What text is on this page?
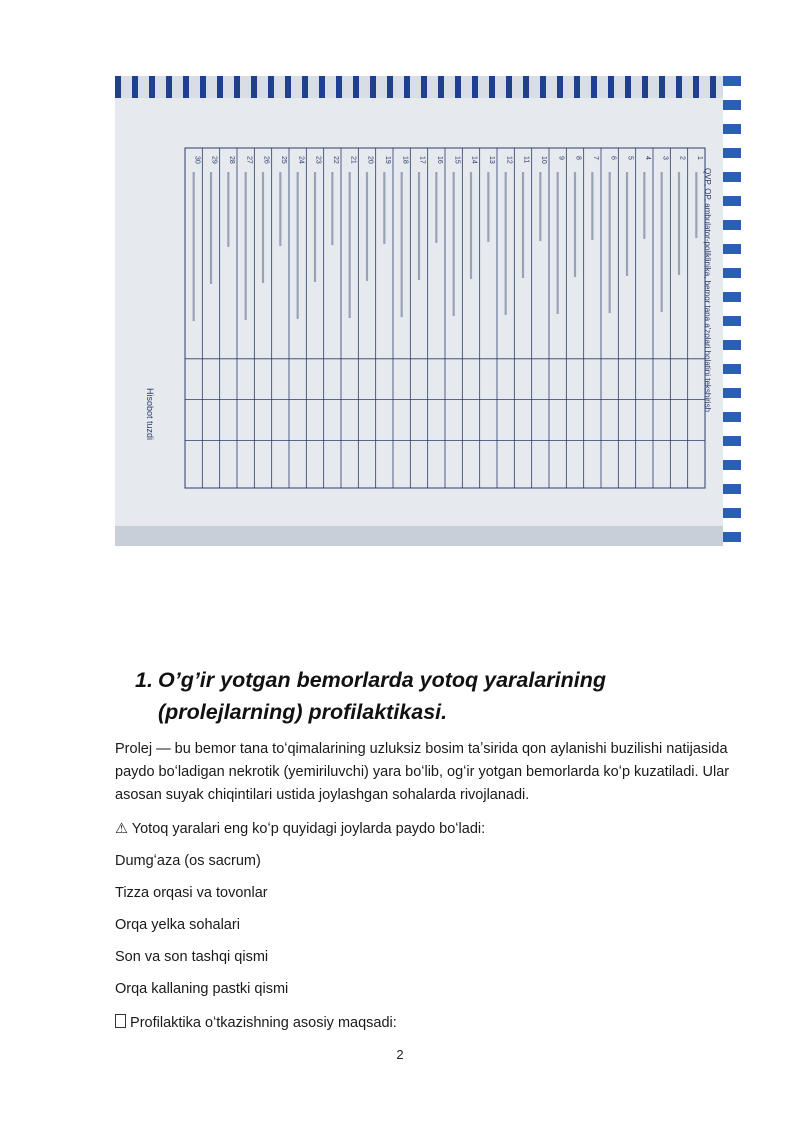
1
2
3
4
5
6
7
8
9
10
11
12
13
14
15
16
17
18
19
20
21
22
23
24
25
26
27
28
29
30
Hisobot tuzdi
QVP, OP, ambulator-poliklinika, bemor tana a'zolari holatini tekshirish
1. O’g’ir yotgan bemorlarda yotoq yaralarining
(prolejlarning) profilaktikasi.
Prolej — bu bemor tana toʻqimalarining uzluksiz bosim taʼsirida qon aylanishi buzilishi natijasida paydo boʻladigan nekrotik (yemiriluvchi) yara boʻlib, ogʻir yotgan bemorlarda koʻp kuzatiladi. Ular asosan suyak chiqintilari ustida joylashgan sohalarda rivojlanadi.
⚠ Yotoq yaralari eng koʻp quyidagi joylarda paydo boʻladi:
Dumgʻaza (os sacrum)
Tizza orqasi va tovonlar
Orqa yelka sohalari
Son va son tashqi qismi
Orqa kallaning pastki qismi
Profilaktika oʻtkazishning asosiy maqsadi:
2
